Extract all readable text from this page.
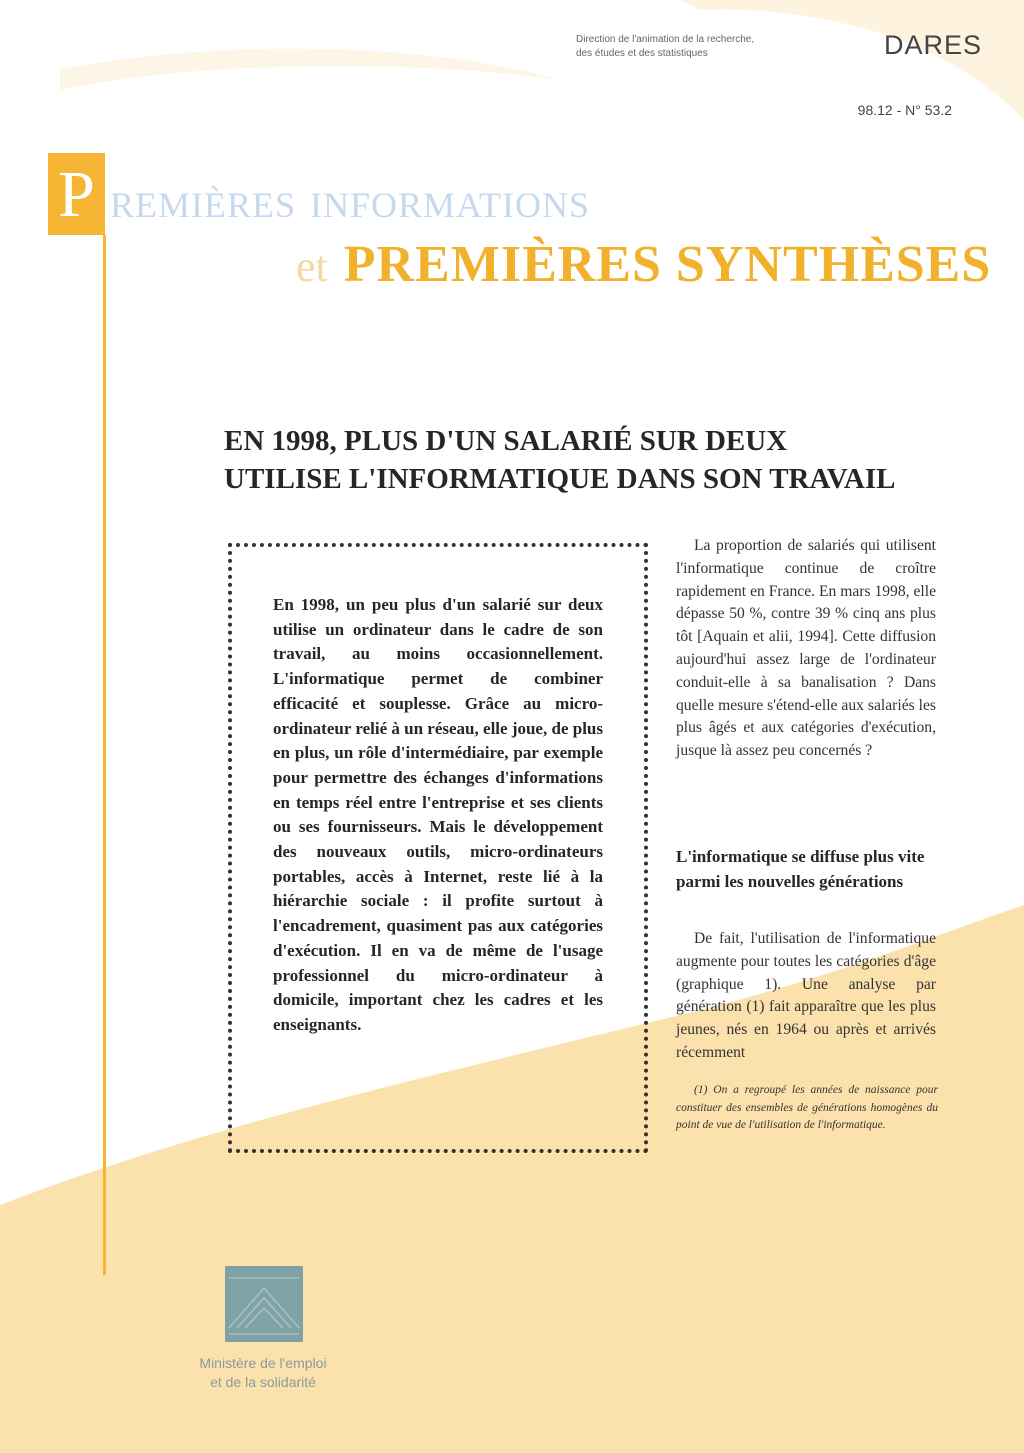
Direction de l'animation de la recherche,
des études et des statistiques	DARES
98.12 - N° 53.2
P remières informations
et PREMIÈRES SYNTHÈSES
EN 1998, PLUS D'UN SALARIÉ SUR DEUX
UTILISE L'INFORMATIQUE DANS SON TRAVAIL
En 1998, un peu plus d'un salarié sur deux utilise un ordinateur dans le cadre de son travail, au moins occasionnellement. L'informatique permet de combiner efficacité et souplesse. Grâce au micro-ordinateur relié à un réseau, elle joue, de plus en plus, un rôle d'intermédiaire, par exemple pour permettre des échanges d'informations en temps réel entre l'entreprise et ses clients ou ses fournisseurs. Mais le développement des nouveaux outils, micro-ordinateurs portables, accès à Internet, reste lié à la hiérarchie sociale : il profite surtout à l'encadrement, quasiment pas aux catégories d'exécution. Il en va de même de l'usage professionnel du micro-ordinateur à domicile, important chez les cadres et les enseignants.

La proportion de salariés qui utilisent l'informatique continue de croître rapidement en France. En mars 1998, elle dépasse 50 %, contre 39 % cinq ans plus tôt [Aquain et alii, 1994]. Cette diffusion aujourd'hui assez large de l'ordinateur conduit-elle à sa banalisation ? Dans quelle mesure s'étend-elle aux salariés les plus âgés et aux catégories d'exécution, jusque là assez peu concernés ?

L'informatique se diffuse plus vite parmi les nouvelles générations

De fait, l'utilisation de l'informatique augmente pour toutes les catégories d'âge (graphique 1). Une analyse par génération (1) fait apparaître que les plus jeunes, nés en 1964 ou après et arrivés récemment

(1) On a regroupé les années de naissance pour constituer des ensembles de générations homogènes du point de vue de l'utilisation de l'informatique.

Ministère de l'emploi
et de la solidarité
